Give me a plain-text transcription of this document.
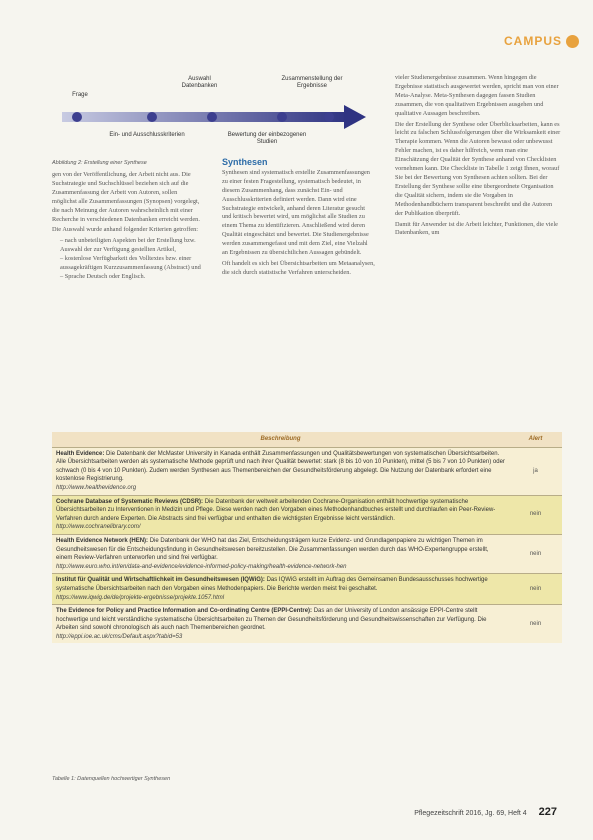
CAMPUS
Frage
Auswahl Datenbanken
Zusammenstellung der Ergebnisse
Ein- und Ausschlusskriterien	Bewertung der einbezogenen Studien
Abbildung 2: Erstellung einer Synthese

gen von der Veröffentlichung, der Arbeit nicht aus. Die Suchstrategie und Suchschlüssel beziehen sich auf die Zusammenfassung der Arbeit von Autoren, sollen möglichst alle Zusammenfassungen (Synopsen) vorgelegt, die nach Meinung der Autoren wahrscheinlich mit einer Recherche in verschiedenen Datenbanken erreicht werden.

Die Auswahl wurde anhand folgender Kriterien getroffen:

– nach unbeteiligten Aspekten bei der Erstellung bzw. Auswahl der zur Verfügung gestellten Artikel,
– kostenlose Verfügbarkeit des Volltextes bzw. einer aussagekräftigen Kurzzusammenfassung (Abstract) und
– Sprache Deutsch oder Englisch.
Synthesen

Synthesen sind systematisch erstellte Zusammenfassungen zu einer festen Fragestellung, systematisch bedeutet, in diesem Zusammenhang, dass zunächst Ein- und Ausschlusskriterien definiert werden. Dann wird eine Suchstrategie entwickelt, anhand deren Literatur gesucht und kritisch bewertet wird, um möglichst alle Studien zu einem Thema zu identifizieren. Anschließend wird deren Qualität eingeschätzt und bewertet. Die Studienergebnisse werden zusammengefasst und mit dem Ziel, eine Vielzahl an Ergebnissen zu übersichtlichen Aussagen gebündelt.

Oft handelt es sich bei Übersichtsarbeiten um Metaanalysen, die sich durch statistische Verfahren unterscheiden.

vieler Studienergebnisse zusammen. Wenn hingegen die Ergebnisse statistisch ausgewertet werden, spricht man von einer Meta-Analyse. Meta-Synthesen dagegen fassen Studien zusammen, die von qualitativen Ergebnissen ausgehen und qualitative Aussagen beschreiben.

Die der Erstellung der Synthese oder Überblicksarbeiten, kann es leicht zu falschen Schlussfolgerungen über die Wirksamkeit einer Therapie kommen. Wenn die Autoren bewusst oder unbewusst Fehler machen, ist es daher hilfreich, wenn man eine Einschätzung der Qualität der Synthese anhand von Checklisten vornehmen kann. Die Checkliste in Tabelle 1 zeigt Ihnen, worauf Sie bei der Bewertung von Synthesen achten sollten. Bei der Erstellung der Synthese sollte eine übergeordnete Organisation die Qualität sichern, indem sie die Vorgaben in Methodenhandbüchern transparent beschreibt und die Autoren der Publikation überprüft.

Damit für Anwender ist die Arbeit leichter, Funktionen, die viele Datenbanken, um

Beschreibung	Alert
Health Evidence: Die Datenbank der McMaster University in Kanada enthält Zusammenfassungen und Qualitätsbewertungen von systematischen Übersichtsarbeiten. Alle Übersichtsarbeiten werden als systematische Methode geprüft und nach ihrer Qualität bewertet: stark (8 bis 10 von 10 Punkten), mittel (5 bis 7 von 10 Punkten) oder schwach (0 bis 4 von 10 Punkten). Zudem werden Synthesen aus Themenbereichen der Gesundheitsförderung abgelegt. Die Nutzung der Datenbank erfordert eine kostenlose Registrierung.
http://www.healthevidence.org	ja
Cochrane Database of Systematic Reviews (CDSR): Die Datenbank der weltweit arbeitenden Cochrane-Organisation enthält hochwertige systematische Übersichtsarbeiten zu Interventionen in Medizin und Pflege. Diese werden nach den Vorgaben eines Methodenhandbuches erstellt und durchlaufen ein Peer-Review-Verfahren durch andere Experten. Die Abstracts sind frei verfügbar und enthalten die wichtigsten Ergebnisse leicht verständlich.
http://www.cochranelibrary.com/	nein
Health Evidence Network (HEN): Die Datenbank der WHO hat das Ziel, Entscheidungsträgern kurze Evidenz- und Grundlagenpapiere zu wichtigen Themen im Gesundheitswesen für die Entscheidungsfindung in Gesundheitswesen bereitzustellen. Die Zusammenfassungen werden durch das WHO-Expertengruppe erstellt, einem Review-Verfahren unterworfen und sind frei verfügbar.
http://www.euro.who.int/en/data-and-evidence/evidence-informed-policy-making/health-evidence-network-hen	nein
Institut für Qualität und Wirtschaftlichkeit im Gesundheitswesen (IQWiG): Das IQWiG erstellt im Auftrag des Gemeinsamen Bundesausschusses hochwertige systematische Übersichtsarbeiten nach den Vorgaben eines Methodenpapiers. Die Berichte werden meist frei geschaltet.
https://www.iqwig.de/de/projekte-ergebnisse/projekte.1057.html	nein
The Evidence for Policy and Practice Information and Co-ordinating Centre (EPPI-Centre): Das an der University of London ansässige EPPI-Centre stellt hochwertige und leicht verständliche systematische Übersichtsarbeiten zu Themen der Gesundheitsförderung und Gesundheitswissenschaften zur Verfügung. Die Arbeiten sind sowohl chronologisch als auch nach Themenbereichen geordnet.
http://eppi.ioe.ac.uk/cms/Default.aspx?tabid=53	nein
Tabelle 1: Datenquellen hochwertiger Synthesen
Pflegezeitschrift 2016, Jg. 69, Heft 4 227
